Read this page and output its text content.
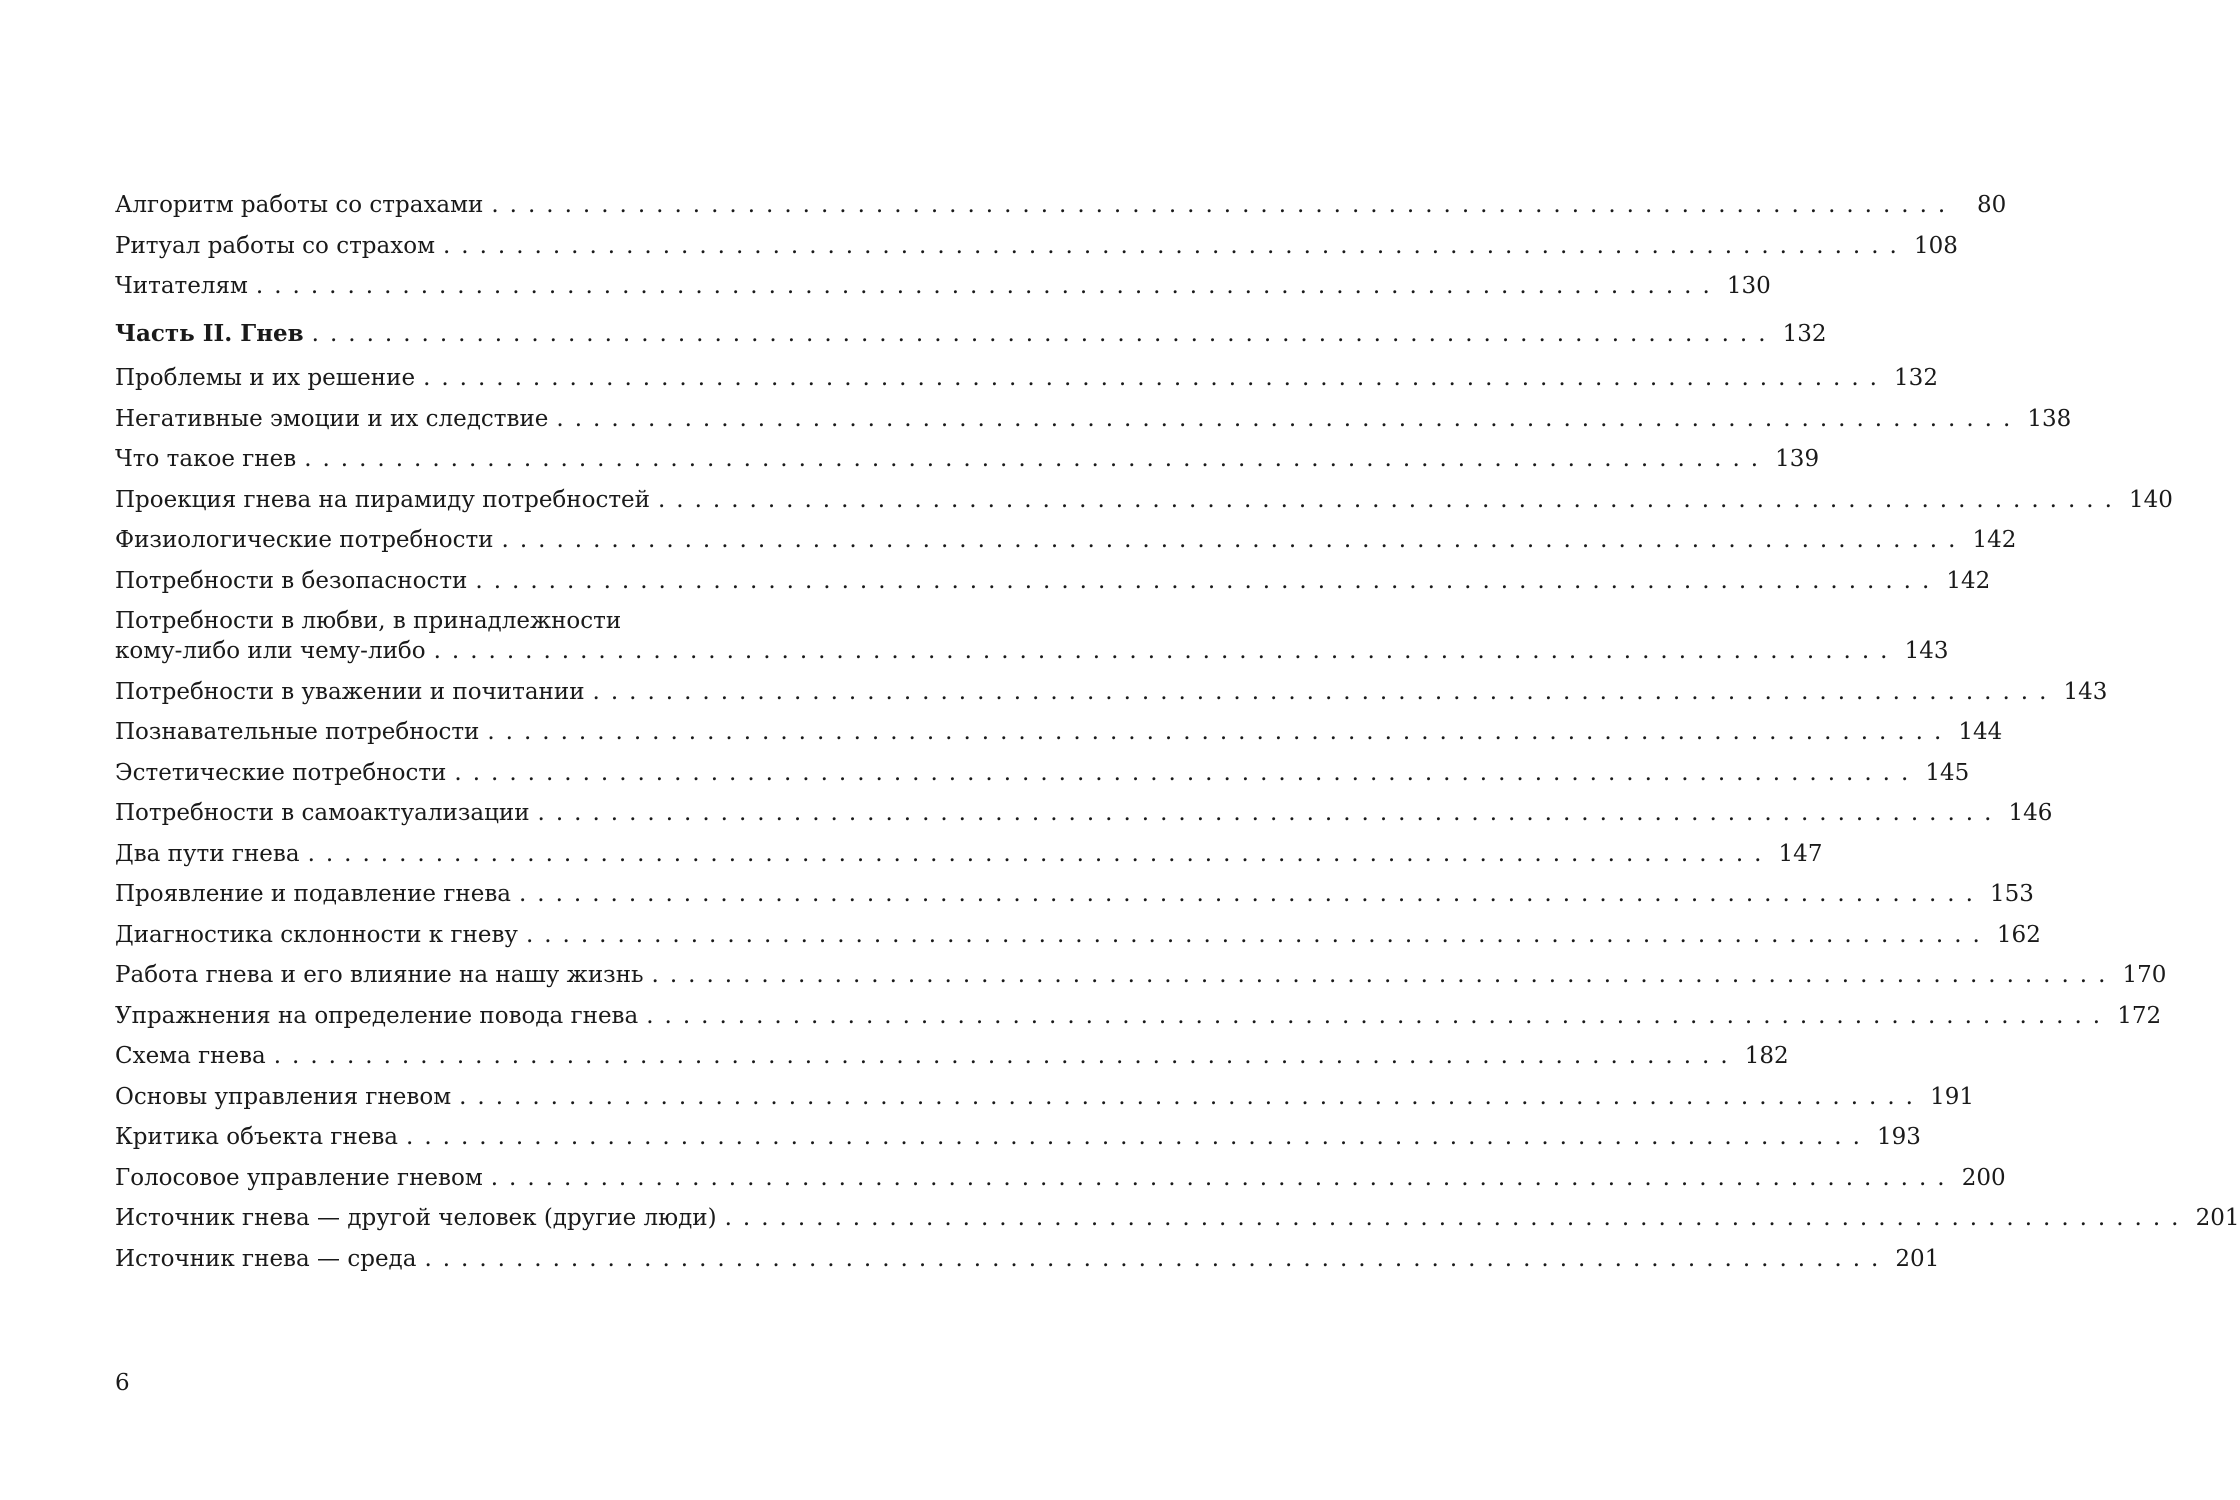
Алгоритм работы со страхами ................................................................................ 80
Ритуал работы со страхом ................................................................................ 108
Читателям ................................................................................ 130
Часть II. Гнев ................................................................................ 132
Проблемы и их решение ................................................................................ 132
Негативные эмоции и их следствие ................................................................................ 138
Что такое гнев ................................................................................ 139
Проекция гнева на пирамиду потребностей ................................................................................ 140
Физиологические потребности ................................................................................ 142
Потребности в безопасности ................................................................................ 142
Потребности в любви, в принадлежности
кому-либо или чему-либо ................................................................................ 143
Потребности в уважении и почитании ................................................................................ 143
Познавательные потребности ................................................................................ 144
Эстетические потребности ................................................................................ 145
Потребности в самоактуализации ................................................................................ 146
Два пути гнева ................................................................................ 147
Проявление и подавление гнева ................................................................................ 153
Диагностика склонности к гневу ................................................................................ 162
Работа гнева и его влияние на нашу жизнь ................................................................................ 170
Упражнения на определение повода гнева ................................................................................ 172
Схема гнева ................................................................................ 182
Основы управления гневом ................................................................................ 191
Критика объекта гнева ................................................................................ 193
Голосовое управление гневом ................................................................................ 200
Источник гнева — другой человек (другие люди) ................................................................................ 201
Источник гнева — среда ................................................................................ 201
6
